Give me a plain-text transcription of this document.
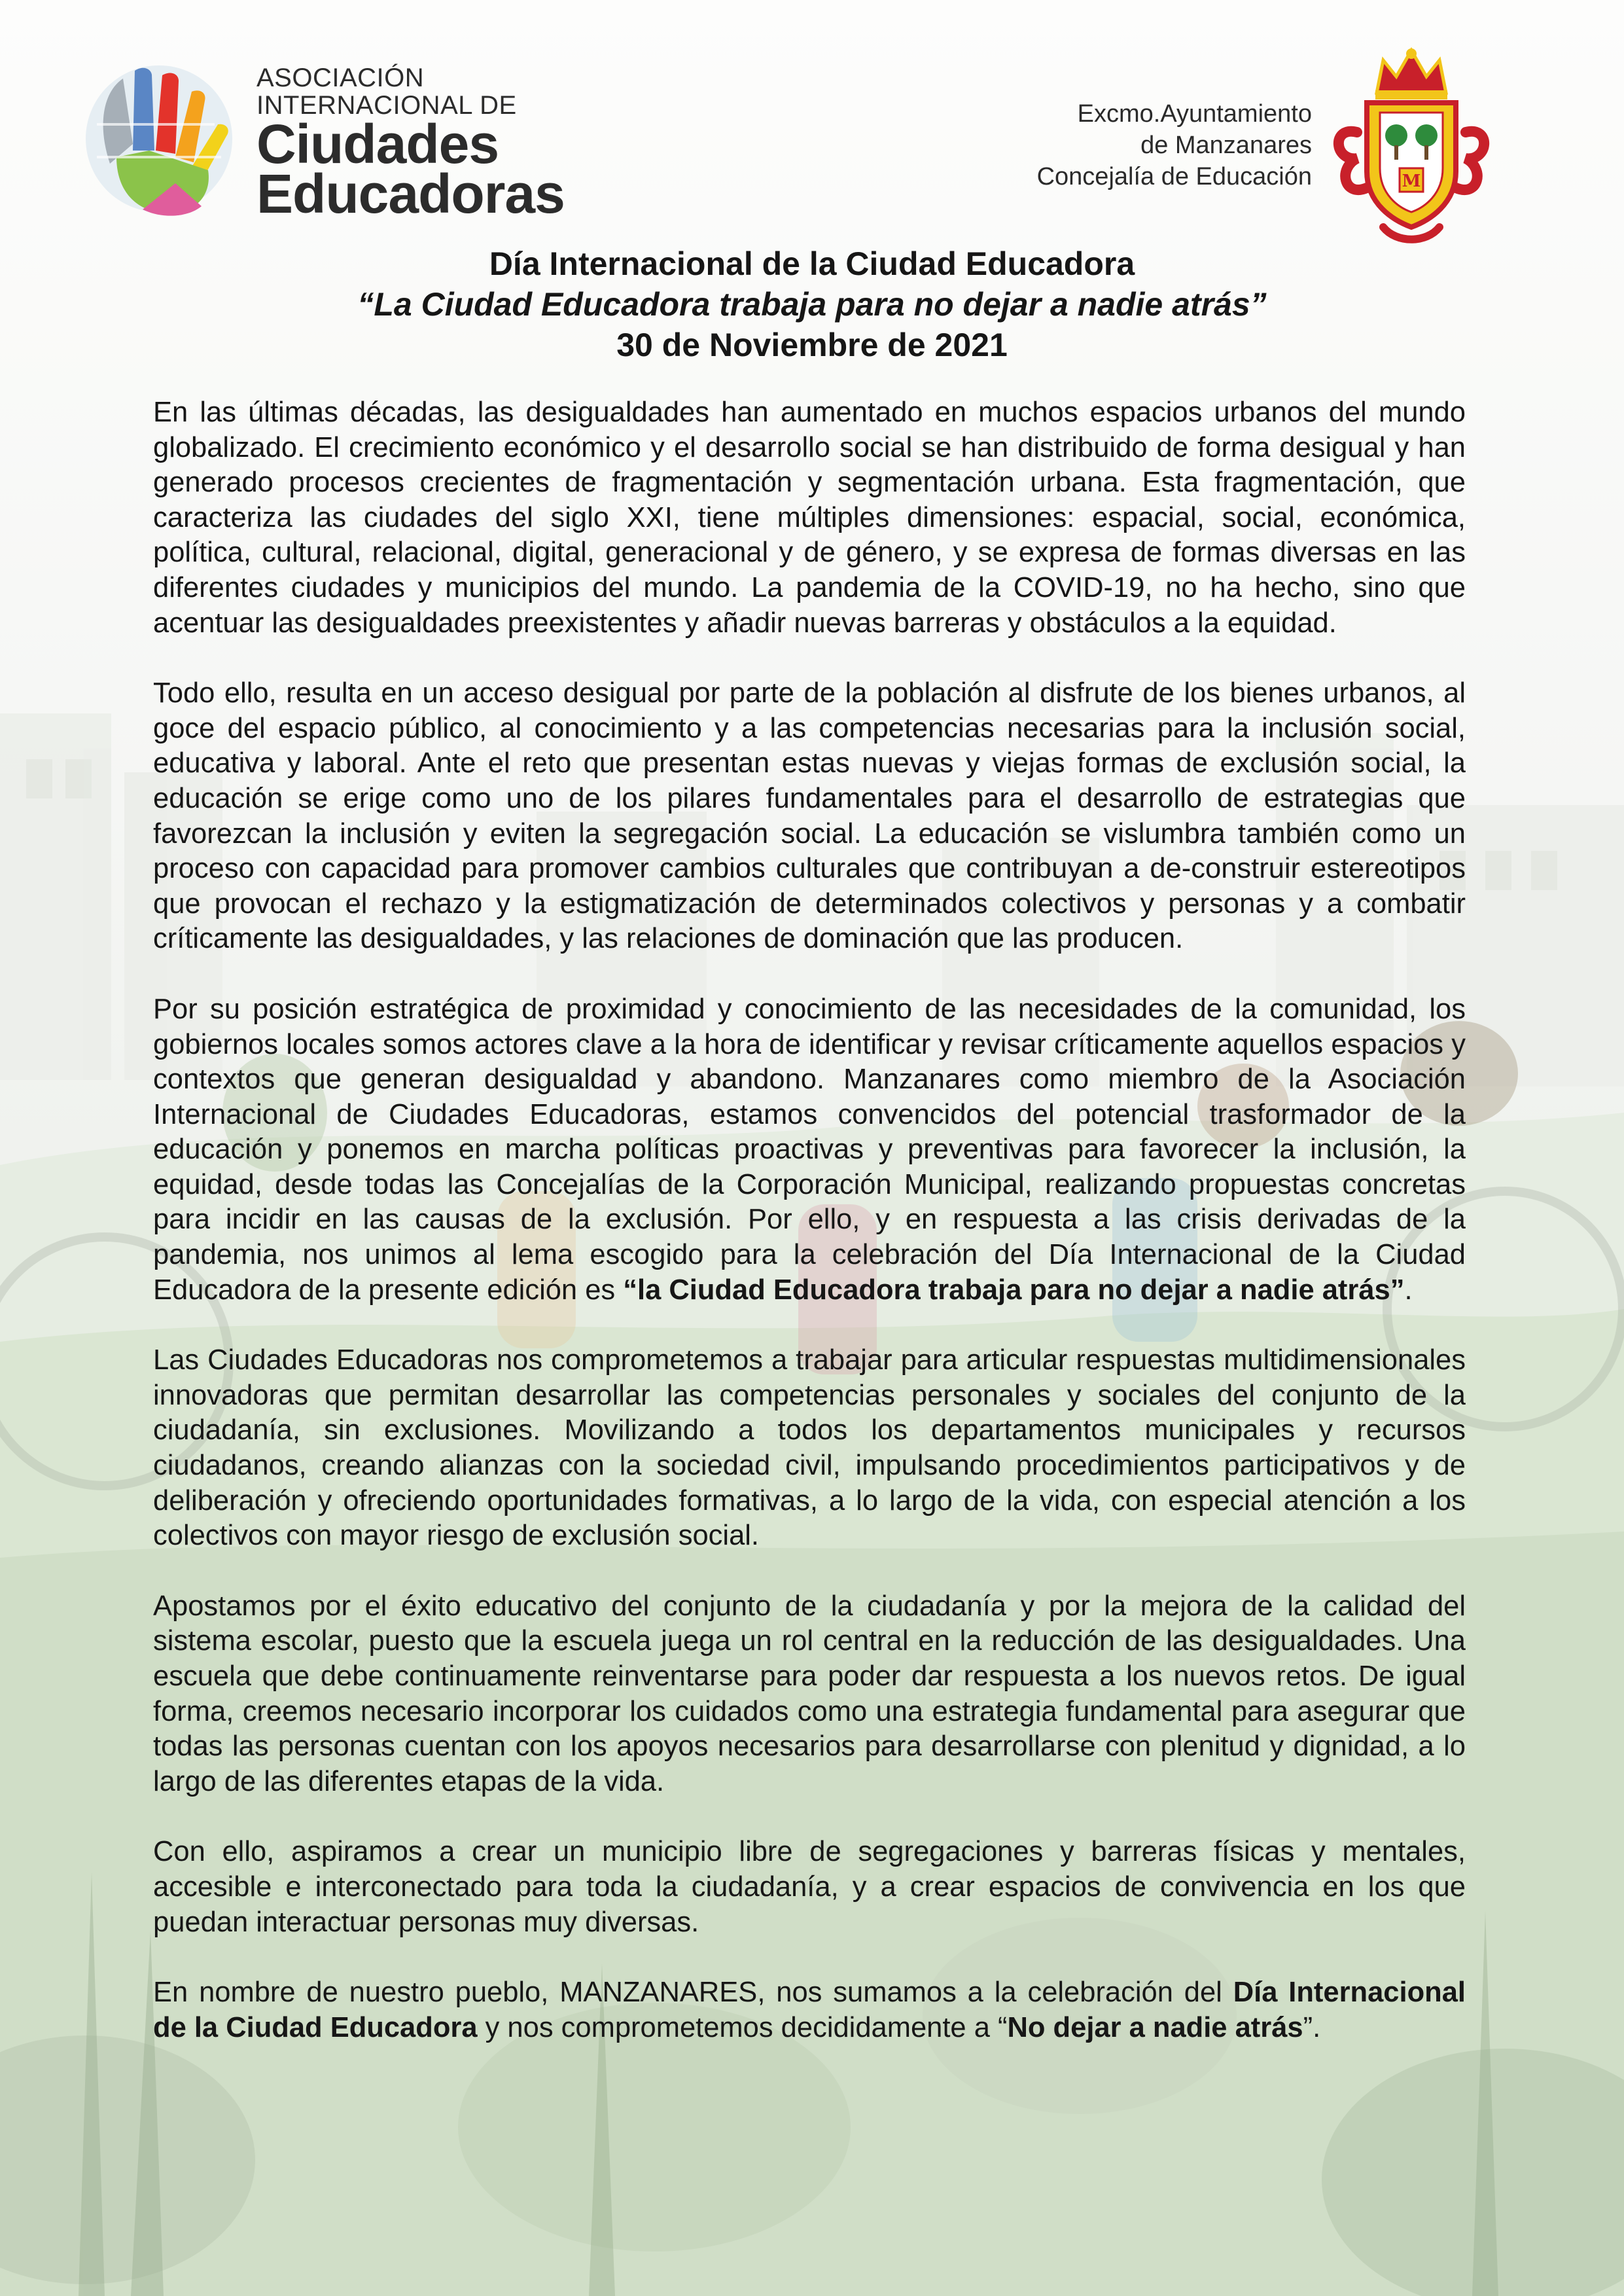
ASOCIACIÓN
INTERNACIONAL DE
Ciudades
Educadoras
Excmo.Ayuntamiento
de Manzanares
Concejalía de Educación	M
Día Internacional de la Ciudad Educadora
“La Ciudad Educadora trabaja para no dejar a nadie atrás”
30 de Noviembre de 2021

En las últimas décadas, las desigualdades han aumentado en muchos espacios urbanos del mundo globalizado. El crecimiento económico y el desarrollo social se han distribuido de forma desigual y han generado procesos crecientes de fragmentación y segmentación urbana. Esta fragmentación, que caracteriza las ciudades del siglo XXI, tiene múltiples dimensiones: espacial, social, económica, política, cultural, relacional, digital, generacional y de género, y se expresa de formas diversas en las diferentes ciudades y municipios del mundo. La pandemia de la COVID-19, no ha hecho, sino que acentuar las desigualdades preexistentes y añadir nuevas barreras y obstáculos a la equidad.

Todo ello, resulta en un acceso desigual por parte de la población al disfrute de los bienes urbanos, al goce del espacio público, al conocimiento y a las competencias necesarias para la inclusión social, educativa y laboral. Ante el reto que presentan estas nuevas y viejas formas de exclusión social, la educación se erige como uno de los pilares fundamentales para el desarrollo de estrategias que favorezcan la inclusión y eviten la segregación social. La educación se vislumbra también como un proceso con capacidad para promover cambios culturales que contribuyan a de-construir estereotipos que provocan el rechazo y la estigmatización de determinados colectivos y personas y a combatir críticamente las desigualdades, y las relaciones de dominación que las producen.

Por su posición estratégica de proximidad y conocimiento de las necesidades de la comunidad, los gobiernos locales somos actores clave a la hora de identificar y revisar críticamente aquellos espacios y contextos que generan desigualdad y abandono. Manzanares como miembro de la Asociación Internacional de Ciudades Educadoras, estamos convencidos del potencial trasformador de la educación y ponemos en marcha políticas proactivas y preventivas para favorecer la inclusión, la equidad, desde todas las Concejalías de la Corporación Municipal, realizando propuestas concretas para incidir en las causas de la exclusión. Por ello, y en respuesta a las crisis derivadas de la pandemia, nos unimos al lema escogido para la celebración del Día Internacional de la Ciudad Educadora de la presente edición es “la Ciudad Educadora trabaja para no dejar a nadie atrás”.

Las Ciudades Educadoras nos comprometemos a trabajar para articular respuestas multidimensionales innovadoras que permitan desarrollar las competencias personales y sociales del conjunto de la ciudadanía, sin exclusiones. Movilizando a todos los departamentos municipales y recursos ciudadanos, creando alianzas con la sociedad civil, impulsando procedimientos participativos y de deliberación y ofreciendo oportunidades formativas, a lo largo de la vida, con especial atención a los colectivos con mayor riesgo de exclusión social.

Apostamos por el éxito educativo del conjunto de la ciudadanía y por la mejora de la calidad del sistema escolar, puesto que la escuela juega un rol central en la reducción de las desigualdades. Una escuela que debe continuamente reinventarse para poder dar respuesta a los nuevos retos. De igual forma, creemos necesario incorporar los cuidados como una estrategia fundamental para asegurar que todas las personas cuentan con los apoyos necesarios para desarrollarse con plenitud y dignidad, a lo largo de las diferentes etapas de la vida.

Con ello, aspiramos a crear un municipio libre de segregaciones y barreras físicas y mentales, accesible e interconectado para toda la ciudadanía, y a crear espacios de convivencia en los que puedan interactuar personas muy diversas.

En nombre de nuestro pueblo, MANZANARES, nos sumamos a la celebración del Día Internacional de la Ciudad Educadora y nos comprometemos decididamente a “No dejar a nadie atrás”.
